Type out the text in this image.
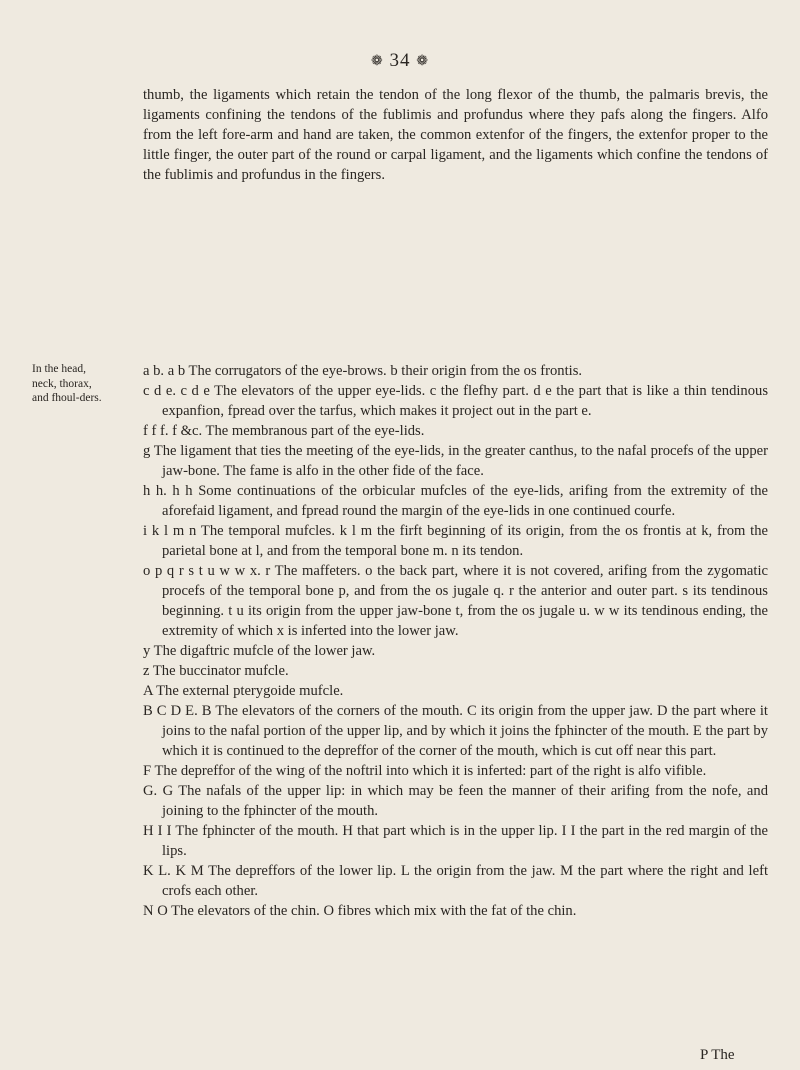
❁ 34 ❁

thumb, the ligaments which retain the tendon of the long flexor of the thumb, the palmaris brevis, the ligaments confining the tendons of the fublimis and profundus where they pafs along the fingers. Alfo from the left fore-arm and hand are taken, the common extenfor of the fingers, the extenfor proper to the little finger, the outer part of the round or carpal ligament, and the ligaments which confine the tendons of the fublimis and profundus in the fingers.

In the head, neck, thorax, and fhoul-ders.

a b. a b The corrugators of the eye-brows. b their origin from the os frontis.

c d e. c d e The elevators of the upper eye-lids. c the flefhy part. d e the part that is like a thin tendinous expanfion, fpread over the tarfus, which makes it project out in the part e.

f f f. f &c. The membranous part of the eye-lids.

g The ligament that ties the meeting of the eye-lids, in the greater canthus, to the nafal procefs of the upper jaw-bone. The fame is alfo in the other fide of the face.

h h. h h Some continuations of the orbicular mufcles of the eye-lids, arifing from the extremity of the aforefaid ligament, and fpread round the margin of the eye-lids in one continued courfe.

i k l m n The temporal mufcles. k l m the firft beginning of its origin, from the os frontis at k, from the parietal bone at l, and from the temporal bone m. n its tendon.

o p q r s t u w w x. r The maffeters. o the back part, where it is not covered, arifing from the zygomatic procefs of the temporal bone p, and from the os jugale q. r the anterior and outer part. s its tendinous beginning. t u its origin from the upper jaw-bone t, from the os jugale u. w w its tendinous ending, the extremity of which x is inferted into the lower jaw.

y The digaftric mufcle of the lower jaw.

z The buccinator mufcle.

A The external pterygoide mufcle.

B C D E. B The elevators of the corners of the mouth. C its origin from the upper jaw. D the part where it joins to the nafal portion of the upper lip, and by which it joins the fphincter of the mouth. E the part by which it is continued to the depreffor of the corner of the mouth, which is cut off near this part.

F The depreffor of the wing of the noftril into which it is inferted: part of the right is alfo vifible.

G. G The nafals of the upper lip: in which may be feen the manner of their arifing from the nofe, and joining to the fphincter of the mouth.

H I I The fphincter of the mouth. H that part which is in the upper lip. I I the part in the red margin of the lips.

K L. K M The depreffors of the lower lip. L the origin from the jaw. M the part where the right and left crofs each other.

N O The elevators of the chin. O fibres which mix with the fat of the chin.

P The
